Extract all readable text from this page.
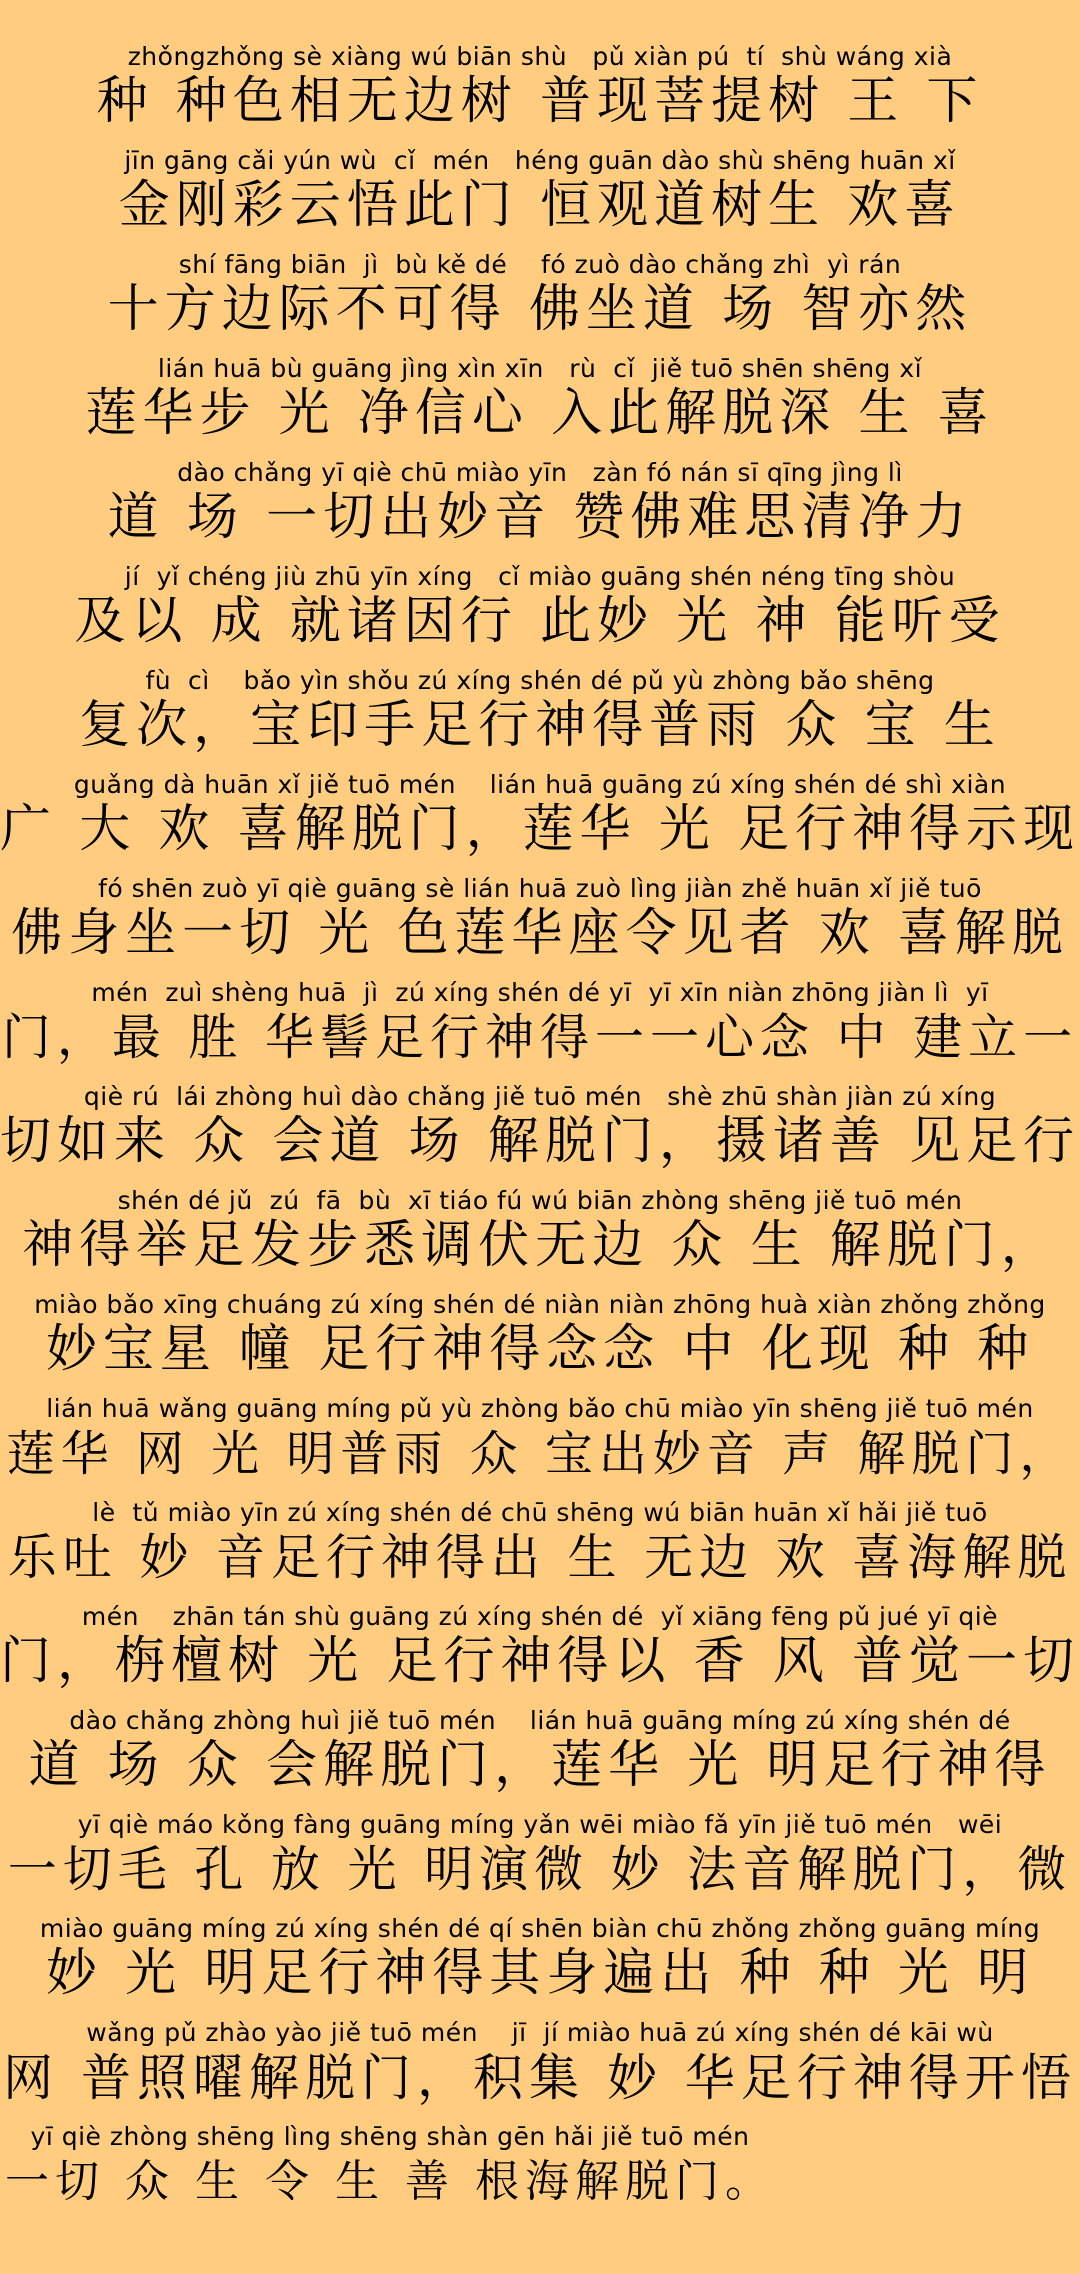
zhǒngzhǒng sè xiàng wú biān shù   pǔ xiàn pú  tí  shù wáng xià
种 种色相无边树 普现菩提树 王 下
jīn gāng cǎi yún wù  cǐ  mén   héng guān dào shù shēng huān xǐ
金刚彩云悟此门 恒观道树生 欢喜
shí fāng biān  jì  bù kě dé    fó zuò dào chǎng zhì  yì rán
十方边际不可得 佛坐道 场 智亦然
lián huā bù guāng jìng xìn xīn   rù  cǐ  jiě tuō shēn shēng xǐ
莲华步 光 净信心 入此解脱深 生 喜
dào chǎng yī qiè chū miào yīn   zàn fó nán sī qīng jìng lì
道 场 一切出妙音 赞佛难思清净力
jí  yǐ chéng jiù zhū yīn xíng   cǐ miào guāng shén néng tīng shòu
及以 成 就诸因行 此妙 光 神 能听受
fù  cì    bǎo yìn shǒu zú xíng shén dé pǔ yù zhòng bǎo shēng
复次，宝印手足行神得普雨 众 宝 生
guǎng dà huān xǐ jiě tuō mén    lián huā guāng zú xíng shén dé shì xiàn
广 大 欢 喜解脱门，莲华 光 足行神得示现
fó shēn zuò yī qiè guāng sè lián huā zuò lìng jiàn zhě huān xǐ jiě tuō
佛身坐一切 光 色莲华座令见者 欢 喜解脱
mén  zuì shèng huā  jì  zú xíng shén dé yī  yī xīn niàn zhōng jiàn lì  yī
门，最 胜 华髻足行神得一一心念 中 建立一
qiè rú  lái zhòng huì dào chǎng jiě tuō mén   shè zhū shàn jiàn zú xíng
切如来 众 会道 场 解脱门，摄诸善 见足行
shén dé jǔ  zú  fā  bù  xī tiáo fú wú biān zhòng shēng jiě tuō mén
神得举足发步悉调伏无边 众 生 解脱门，
miào bǎo xīng chuáng zú xíng shén dé niàn niàn zhōng huà xiàn zhǒng zhǒng
妙宝星 幢 足行神得念念 中 化现 种 种
lián huā wǎng guāng míng pǔ yù zhòng bǎo chū miào yīn shēng jiě tuō mén
莲华 网 光 明普雨 众 宝出妙音 声 解脱门，
lè  tǔ miào yīn zú xíng shén dé chū shēng wú biān huān xǐ hǎi jiě tuō
乐吐 妙 音足行神得出 生 无边 欢 喜海解脱
mén    zhān tán shù guāng zú xíng shén dé  yǐ xiāng fēng pǔ jué yī qiè
门，栴檀树 光 足行神得以 香 风 普觉一切
dào chǎng zhòng huì jiě tuō mén    lián huā guāng míng zú xíng shén dé
道 场 众 会解脱门，莲华 光 明足行神得
yī qiè máo kǒng fàng guāng míng yǎn wēi miào fǎ yīn jiě tuō mén   wēi
一切毛 孔 放 光 明演微 妙 法音解脱门，微
miào guāng míng zú xíng shén dé qí shēn biàn chū zhǒng zhǒng guāng míng
妙 光 明足行神得其身遍出 种 种 光 明
wǎng pǔ zhào yào jiě tuō mén    jī  jí miào huā zú xíng shén dé kāi wù
网 普照曜解脱门，积集 妙 华足行神得开悟
yī qiè zhòng shēng lìng shēng shàn gēn hǎi jiě tuō mén
一切 众 生 令 生 善 根海解脱门。
